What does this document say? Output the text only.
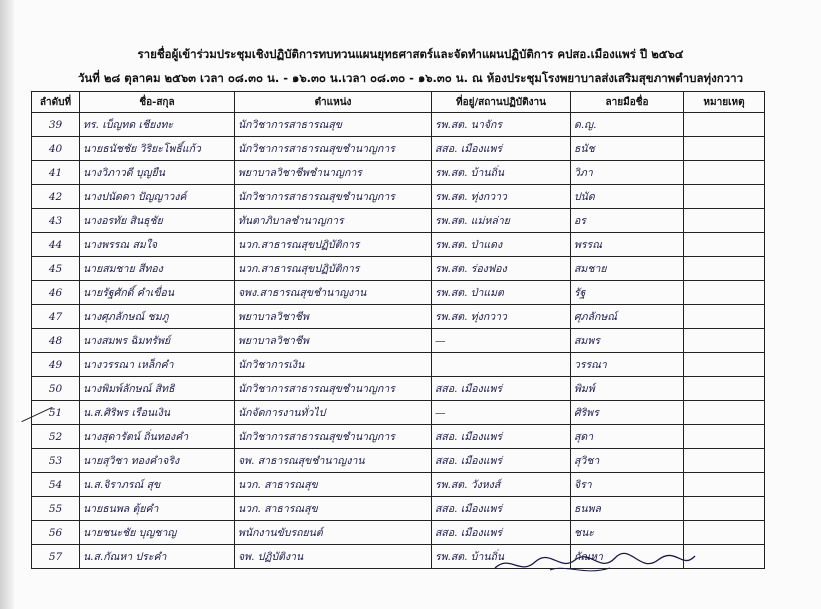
รายชื่อผู้เข้าร่วมประชุมเชิงปฏิบัติการทบทวนแผนยุทธศาสตร์และจัดทำแผนปฏิบัติการ คปสอ.เมืองแพร่ ปี ๒๕๖๔
วันที่ ๒๘ ตุลาคม ๒๕๖๓ เวลา ๐๘.๓๐ น. - ๑๖.๓๐ น.เวลา ๐๘.๓๐ - ๑๖.๓๐ น. ณ ห้องประชุมโรงพยาบาลส่งเสริมสุขภาพตำบลทุ่งกวาว
ลำดับที่	ชื่อ-สกุล	ตำแหน่ง	ที่อยู่/สถานปฏิบัติงาน	ลายมือชื่อ	หมายเหตุ
39	ทร. เบ็ญทด เชียงทะ	นักวิชาการสาธารณสุข	รพ.สต. นาจักร	ด.ญ.	
40	นายธนัชชัย วิริยะโพธิ์แก้ว	นักวิชาการสาธารณสุขชำนาญการ	สสอ. เมืองแพร่	ธนัช	
41	นางวิภาวดี บุญยืน	พยาบาลวิชาชีพชำนาญการ	รพ.สต. บ้านถิ่น	วิภา	
42	นางปนัดดา ปัญญาวงค์	นักวิชาการสาธารณสุขชำนาญการ	รพ.สต. ทุ่งกวาว	ปนัด	
43	นางอรทัย สินธุชัย	ทันตาภิบาลชำนาญการ	รพ.สต. แม่หล่าย	อร	
44	นางพรรณ สมใจ	นวก.สาธารณสุขปฏิบัติการ	รพ.สต. ป่าแดง	พรรณ	
45	นายสมชาย สีทอง	นวก.สาธารณสุขปฏิบัติการ	รพ.สต. ร่องฟอง	สมชาย	
46	นายรัฐศักดิ์ คำเขื่อน	จพง.สาธารณสุขชำนาญงาน	รพ.สต. ป่าแมต	รัฐ	
47	นางศุภลักษณ์ ชมภู	พยาบาลวิชาชีพ	รพ.สต. ทุ่งกวาว	ศุภลักษณ์	
48	นางสมพร ฉิมทรัพย์	พยาบาลวิชาชีพ	—	สมพร	
49	นางวรรณา เหล็กคำ	นักวิชาการเงิน		วรรณา	
50	นางพิมพ์ลักษณ์ สิทธิ	นักวิชาการสาธารณสุขชำนาญการ	สสอ. เมืองแพร่	พิมพ์	
51	น.ส.ศิริพร เรือนเงิน	นักจัดการงานทั่วไป	—	ศิริพร	
52	นางสุดารัตน์ ถิ่นทองคำ	นักวิชาการสาธารณสุขชำนาญการ	สสอ. เมืองแพร่	สุดา	
53	นายสุวิชา ทองคำจริง	จพ. สาธารณสุขชำนาญงาน	สสอ. เมืองแพร่	สุวิชา	
54	น.ส.จิราภรณ์ สุข	นวก. สาธารณสุข	รพ.สต. วังหงส์	จิรา	
55	นายธนพล ตุ้ยคำ	นวก. สาธารณสุข	สสอ. เมืองแพร่	ธนพล	
56	นายชนะชัย บุญชาญ	พนักงานขับรถยนต์	สสอ. เมืองแพร่	ชนะ	
57	น.ส.กัณหา ประคำ	จพ. ปฏิบัติงาน	รพ.สต. บ้านถิ่น	กัณหา	
